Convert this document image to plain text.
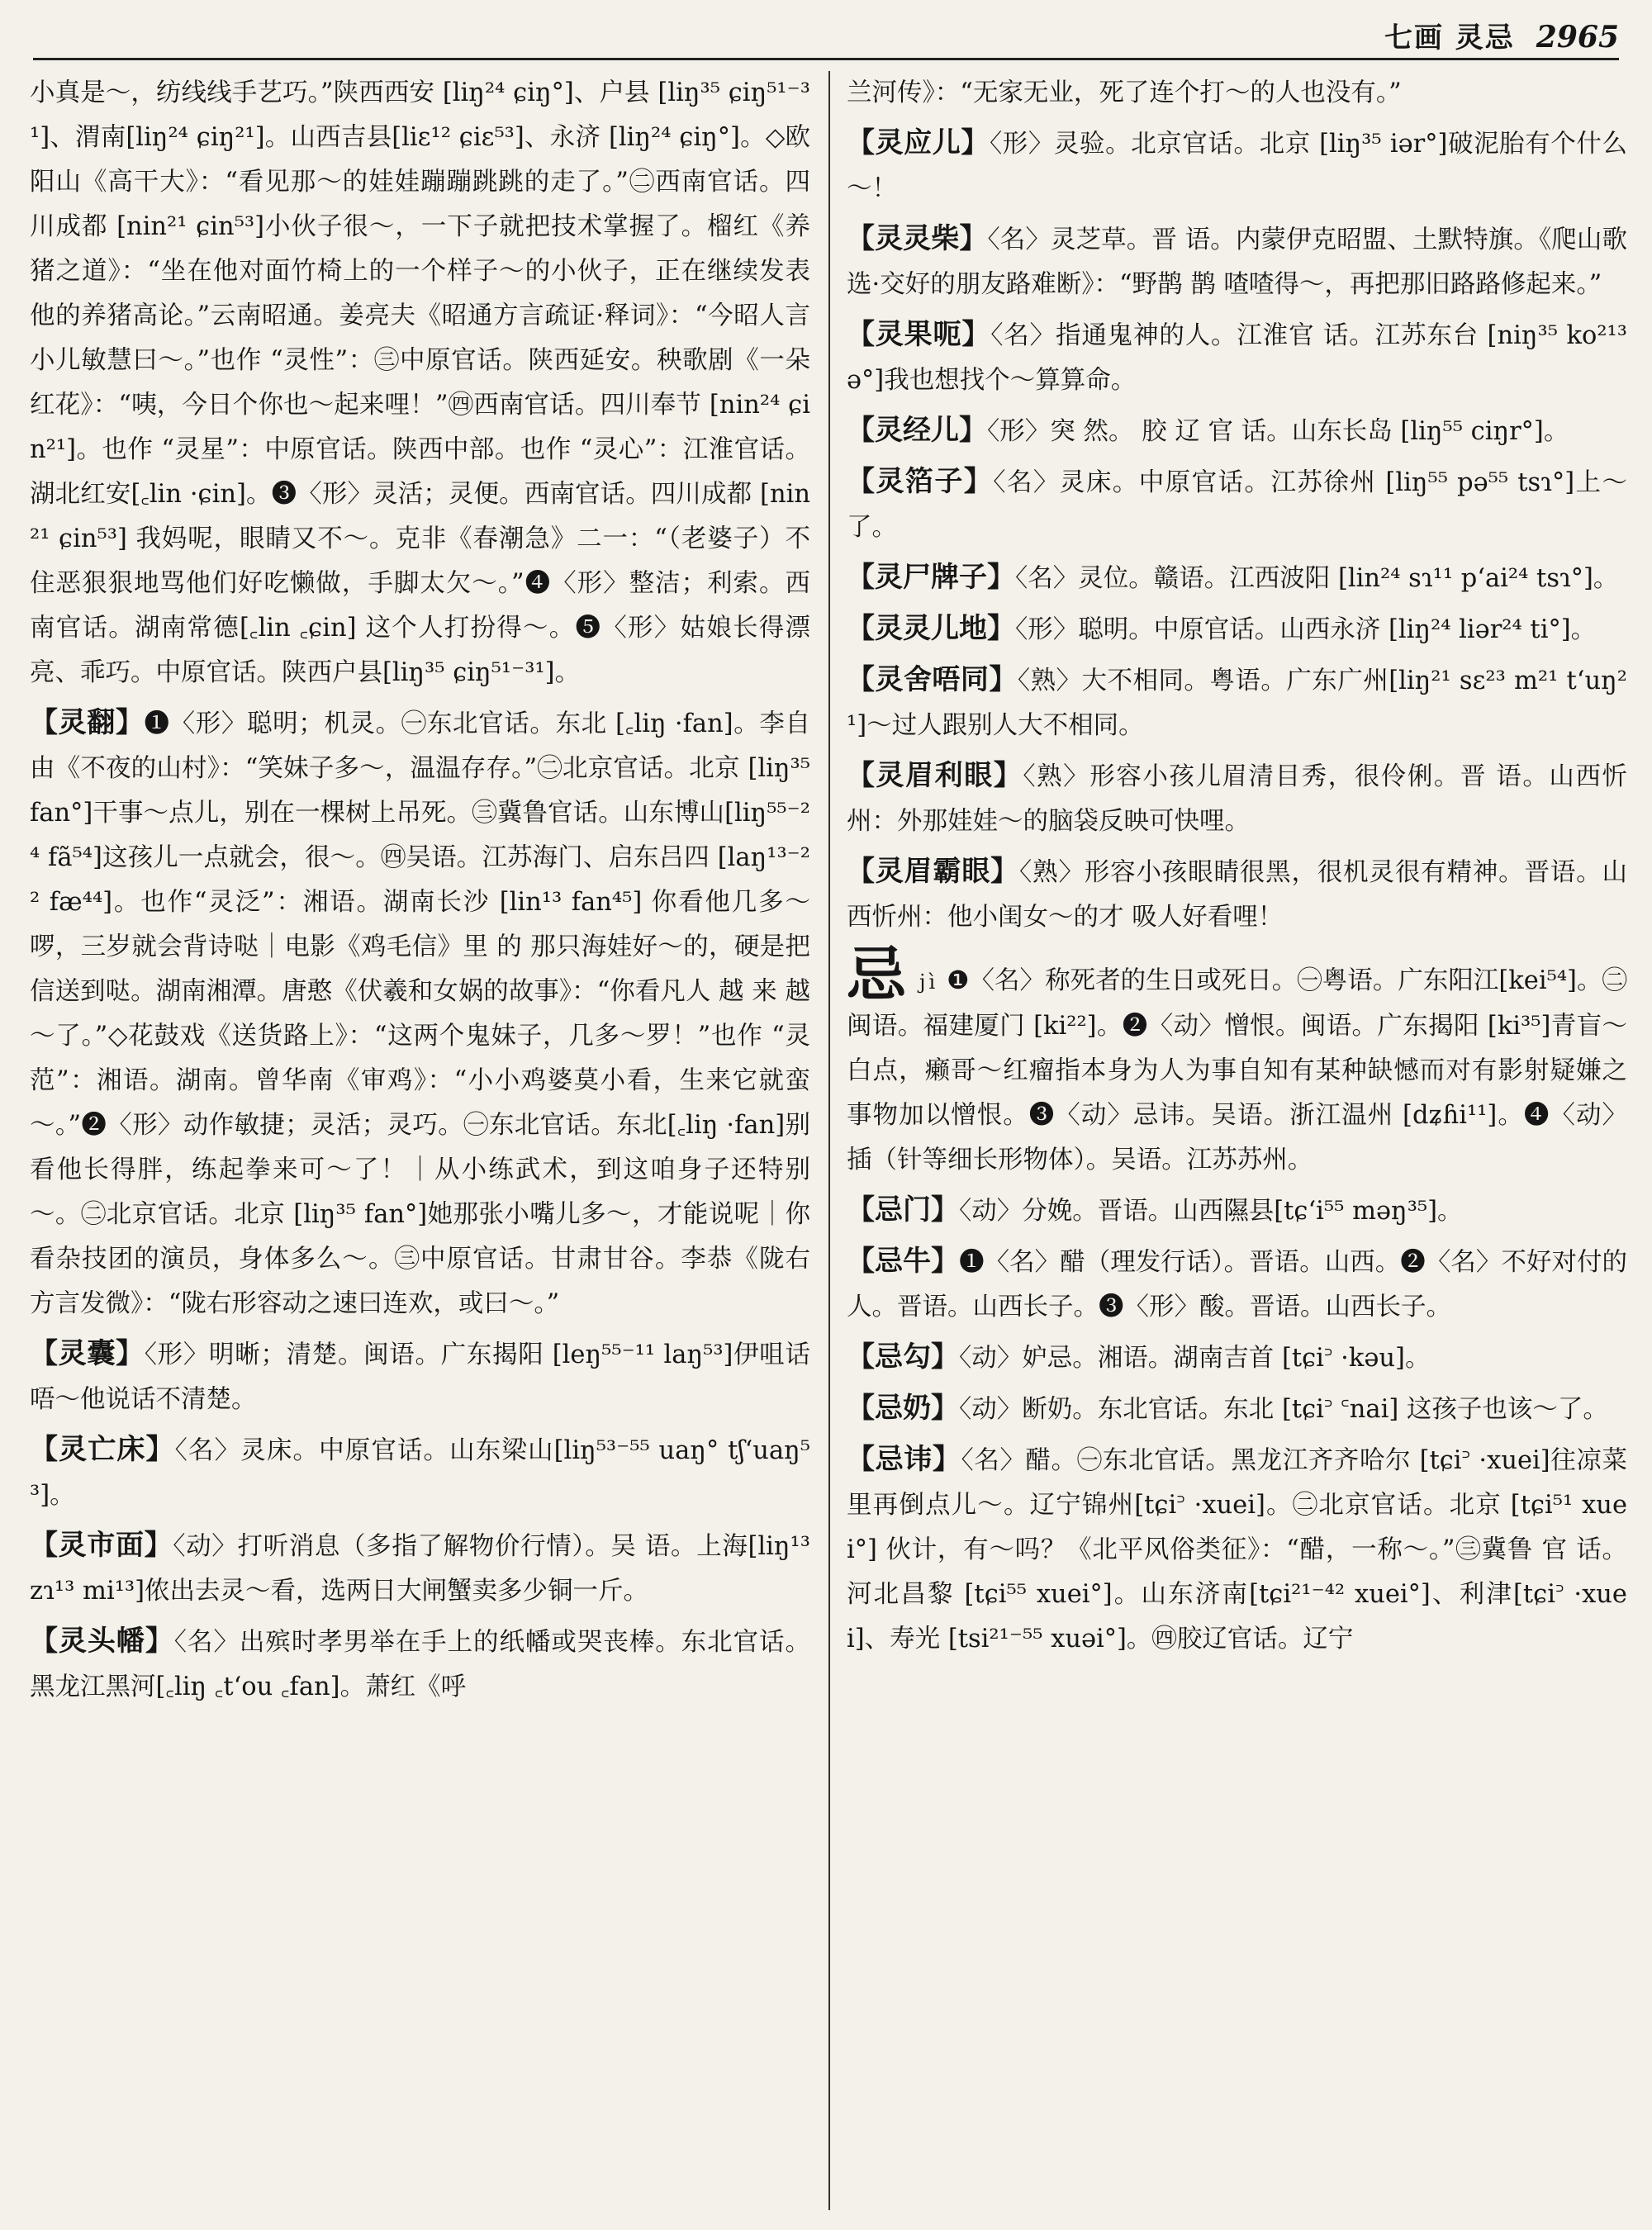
七画 灵忌 2965

小真是～，纺线线手艺巧。”陕西西安 [liŋ²⁴ ɕiŋ°]、户县 [liŋ³⁵ ɕiŋ⁵¹⁻³¹]、渭南[liŋ²⁴ ɕiŋ²¹]。山西吉县[liɛ¹² ɕiɛ⁵³]、永济 [liŋ²⁴ ɕiŋ°]。◇欧阳山《高干大》：“看见那～的娃娃蹦蹦跳跳的走了。”㊁西南官话。四川成都 [nin²¹ ɕin⁵³]小伙子很～，一下子就把技术掌握了。榴红《养猪之道》：“坐在他对面竹椅上的一个样子～的小伙子，正在继续发表他的养猪高论。”云南昭通。姜亮夫《昭通方言疏证·释词》：“今昭人言小儿敏慧曰～。”也作 “灵性”：㊂中原官话。陕西延安。秧歌剧《一朵红花》：“咦，今日个你也～起来哩！”㊃西南官话。四川奉节 [nin²⁴ ɕin²¹]。也作 “灵星”：中原官话。陕西中部。也作 “灵心”：江淮官话。湖北红安[꜀lin ·ɕin]。❸〈形〉灵活；灵便。西南官话。四川成都 [nin²¹ ɕin⁵³] 我妈呢，眼睛又不～。克非《春潮急》二一：“（老婆子）不住恶狠狠地骂他们好吃懒做，手脚太欠～。”❹〈形〉整洁；利索。西南官话。湖南常德[꜀lin ꜀ɕin] 这个人打扮得～。❺〈形〉姑娘长得漂亮、乖巧。中原官话。陕西户县[liŋ³⁵ ɕiŋ⁵¹⁻³¹]。

【灵翻】❶〈形〉聪明；机灵。㊀东北官话。东北 [꜀liŋ ·fan]。李自由《不夜的山村》：“笑妹子多～，温温存存。”㊁北京官话。北京 [liŋ³⁵ fan°]干事～点儿，别在一棵树上吊死。㊂冀鲁官话。山东博山[liŋ⁵⁵⁻²⁴ fã⁵⁴]这孩儿一点就会，很～。㊃吴语。江苏海门、启东吕四 [laŋ¹³⁻²² fæ⁴⁴]。也作“灵泛”：湘语。湖南长沙 [lin¹³ fan⁴⁵] 你看他几多～啰，三岁就会背诗哒｜电影《鸡毛信》里 的 那只海娃好～的，硬是把信送到哒。湖南湘潭。唐憨《伏羲和女娲的故事》：“你看凡人 越 来 越～了。”◇花鼓戏《送货路上》：“这两个鬼妹子，几多～罗！”也作 “灵范”：湘语。湖南。曾华南《审鸡》：“小小鸡婆莫小看，生来它就蛮～。”❷〈形〉动作敏捷；灵活；灵巧。㊀东北官话。东北[꜀liŋ ·fan]别看他长得胖，练起拳来可～了！｜从小练武术，到这咱身子还特别～。㊁北京官话。北京 [liŋ³⁵ fan°]她那张小嘴儿多～，才能说呢｜你看杂技团的演员，身体多么～。㊂中原官话。甘肃甘谷。李恭《陇右方言发微》：“陇右形容动之速曰连欢，或曰～。”

【灵囊】〈形〉明晰；清楚。闽语。广东揭阳 [leŋ⁵⁵⁻¹¹ laŋ⁵³]伊咀话唔～他说话不清楚。

【灵亡床】〈名〉灵床。中原官话。山东梁山[liŋ⁵³⁻⁵⁵ uaŋ° tʃʻuaŋ⁵³]。

【灵市面】〈动〉打听消息（多指了解物价行情）。吴 语。上海[liŋ¹³ zɿ¹³ mi¹³]侬出去灵～看，选两日大闸蟹卖多少铜一斤。

【灵头幡】〈名〉出殡时孝男举在手上的纸幡或哭丧棒。东北官话。黑龙江黑河[꜀liŋ ꜀tʻou ꜀fan]。萧红《呼

兰河传》：“无家无业，死了连个打～的人也没有。”

【灵应儿】〈形〉灵验。北京官话。北京 [liŋ³⁵ iər°]破泥胎有个什么～！

【灵灵柴】〈名〉灵芝草。晋 语。内蒙伊克昭盟、土默特旗。《爬山歌选·交好的朋友路难断》：“野鹊 鹊 喳喳得～，再把那旧路路修起来。”

【灵果呃】〈名〉指通鬼神的人。江淮官 话。江苏东台 [niŋ³⁵ ko²¹³ ə°]我也想找个～算算命。

【灵经儿】〈形〉突 然。 胶 辽 官 话。山东长岛 [liŋ⁵⁵ ciŋr°]。

【灵箔子】〈名〉灵床。中原官话。江苏徐州 [liŋ⁵⁵ pə⁵⁵ tsɿ°]上～了。

【灵尸牌子】〈名〉灵位。赣语。江西波阳 [lin²⁴ sɿ¹¹ pʻai²⁴ tsɿ°]。

【灵灵儿地】〈形〉聪明。中原官话。山西永济 [liŋ²⁴ liər²⁴ ti°]。

【灵舍唔同】〈熟〉大不相同。粤语。广东广州[liŋ²¹ sɛ²³ m²¹ tʻuŋ²¹]～过人跟别人大不相同。

【灵眉利眼】〈熟〉形容小孩儿眉清目秀，很伶俐。晋 语。山西忻州：外那娃娃～的脑袋反映可快哩。

【灵眉霸眼】〈熟〉形容小孩眼睛很黑，很机灵很有精神。晋语。山西忻州：他小闺女～的才 吸人好看哩！

忌jì ❶〈名〉称死者的生日或死日。㊀粤语。广东阳江[kei⁵⁴]。㊁闽语。福建厦门 [ki²²]。❷〈动〉憎恨。闽语。广东揭阳 [ki³⁵]青盲～白点，癞哥～红瘤指本身为人为事自知有某种缺憾而对有影射疑嫌之事物加以憎恨。❸〈动〉忌讳。吴语。浙江温州 [dʑɦi¹¹]。❹〈动〉插（针等细长形物体）。吴语。江苏苏州。

【忌门】〈动〉分娩。晋语。山西隰县[tɕʻi⁵⁵ məŋ³⁵]。

【忌牛】❶〈名〉醋（理发行话）。晋语。山西。❷〈名〉不好对付的人。晋语。山西长子。❸〈形〉酸。晋语。山西长子。

【忌勾】〈动〉妒忌。湘语。湖南吉首 [tɕi꜄ ·kəu]。

【忌奶】〈动〉断奶。东北官话。东北 [tɕi꜄ ꜂nai] 这孩子也该～了。

【忌讳】〈名〉醋。㊀东北官话。黑龙江齐齐哈尔 [tɕi꜄ ·xuei]往凉菜里再倒点儿～。辽宁锦州[tɕi꜄ ·xuei]。㊁北京官话。北京 [tɕi⁵¹ xuei°] 伙计，有～吗？《北平风俗类征》：“醋，一称～。”㊂冀鲁 官 话。河北昌黎 [tɕi⁵⁵ xuei°]。山东济南[tɕi²¹⁻⁴² xuei°]、利津[tɕi꜄ ·xuei]、寿光 [tsi²¹⁻⁵⁵ xuəi°]。㊃胶辽官话。辽宁
